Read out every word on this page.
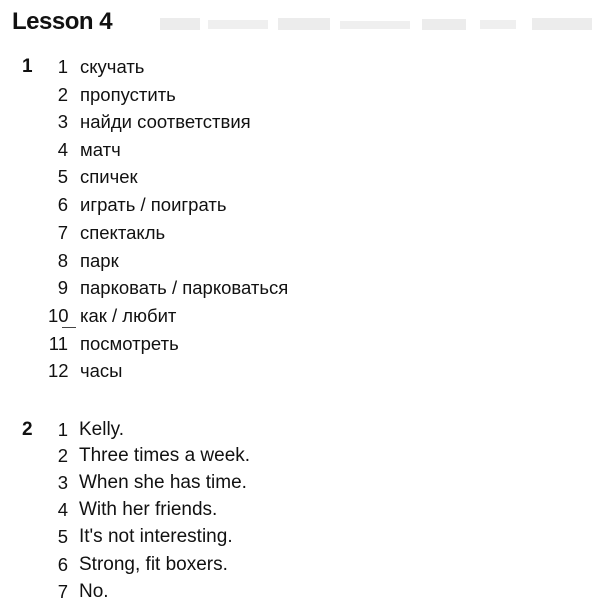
Lesson 4
1	1 скучать
2 пропустить
3 найди соответствия
4 матч
5 спичек
6 играть / поиграть
7 спектакль
8 парк
9 парковать / парковаться
10 как / любит
11 посмотреть
12 часы
2	1 Kelly.
2 Three times a week.
3 When she has time.
4 With her friends.
5 It's not interesting.
6 Strong, fit boxers.
7 No.
